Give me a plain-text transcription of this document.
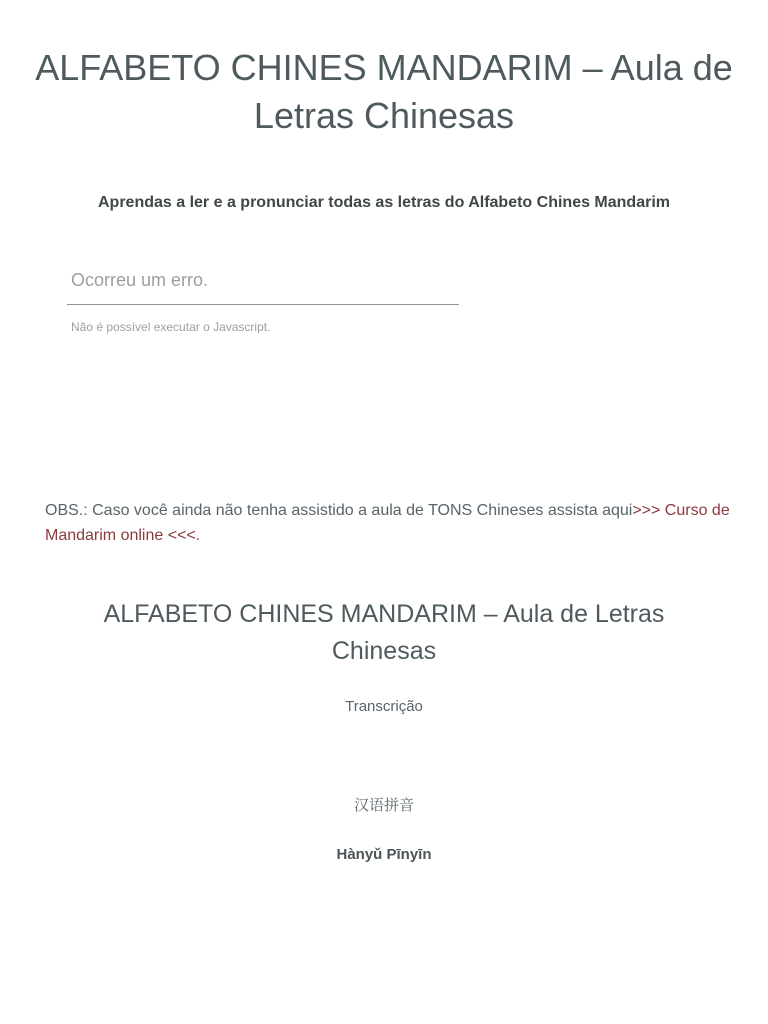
ALFABETO CHINES MANDARIM – Aula de Letras Chinesas

Aprendas a ler e a pronunciar todas as letras do Alfabeto Chines Mandarim

Ocorreu um erro.
Não é possível executar o Javascript.

OBS.: Caso você ainda não tenha assistido a aula de TONS Chineses assista aqui>>> Curso de Mandarim online <<<.

ALFABETO CHINES MANDARIM – Aula de Letras Chinesas

Transcrição

汉语拼音

Hànyǔ Pīnyīn
